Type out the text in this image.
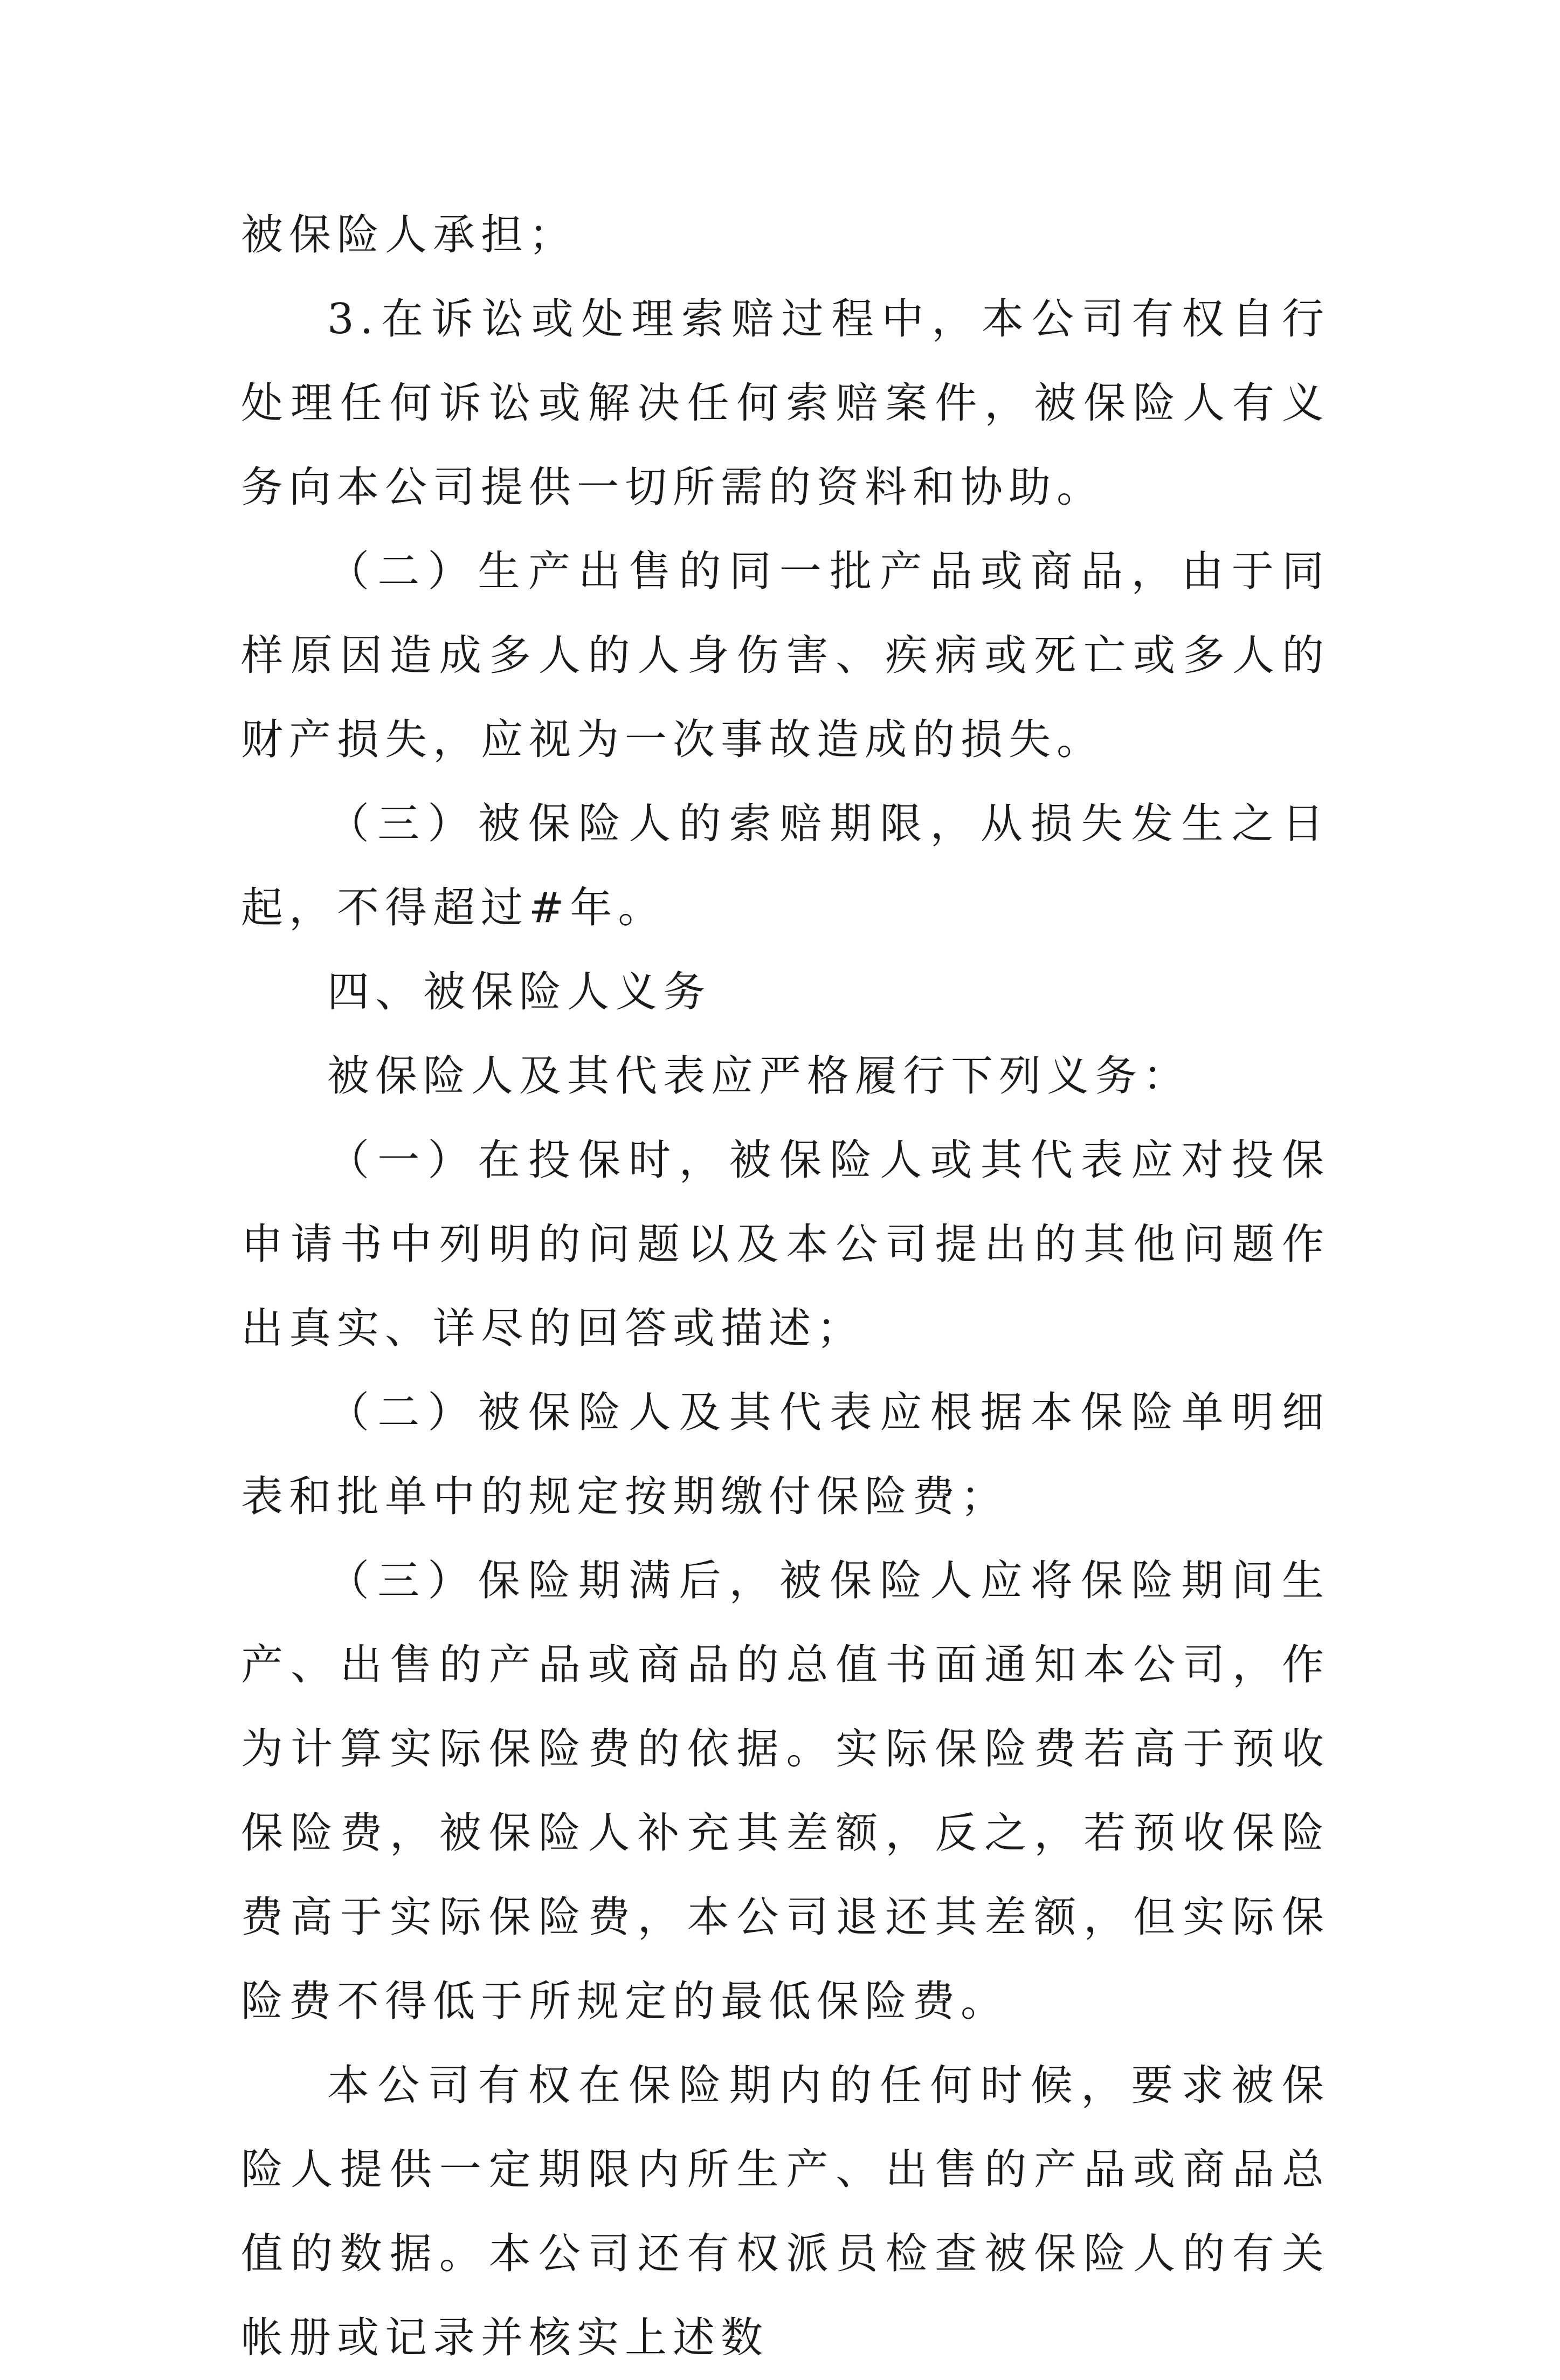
被保险人承担；

3.在诉讼或处理索赔过程中，本公司有权自行处理任何诉讼或解决任何索赔案件，被保险人有义务向本公司提供一切所需的资料和协助。

（二）生产出售的同一批产品或商品，由于同样原因造成多人的人身伤害、疾病或死亡或多人的财产损失，应视为一次事故造成的损失。

（三）被保险人的索赔期限，从损失发生之日起，不得超过#年。

四、被保险人义务

被保险人及其代表应严格履行下列义务：

（一）在投保时，被保险人或其代表应对投保申请书中列明的问题以及本公司提出的其他问题作出真实、详尽的回答或描述；

（二）被保险人及其代表应根据本保险单明细表和批单中的规定按期缴付保险费；

（三）保险期满后，被保险人应将保险期间生产、出售的产品或商品的总值书面通知本公司，作为计算实际保险费的依据。实际保险费若高于预收保险费，被保险人补充其差额，反之，若预收保险费高于实际保险费，本公司退还其差额，但实际保险费不得低于所规定的最低保险费。

本公司有权在保险期内的任何时候，要求被保险人提供一定期限内所生产、出售的产品或商品总值的数据。本公司还有权派员检查被保险人的有关帐册或记录并核实上述数
